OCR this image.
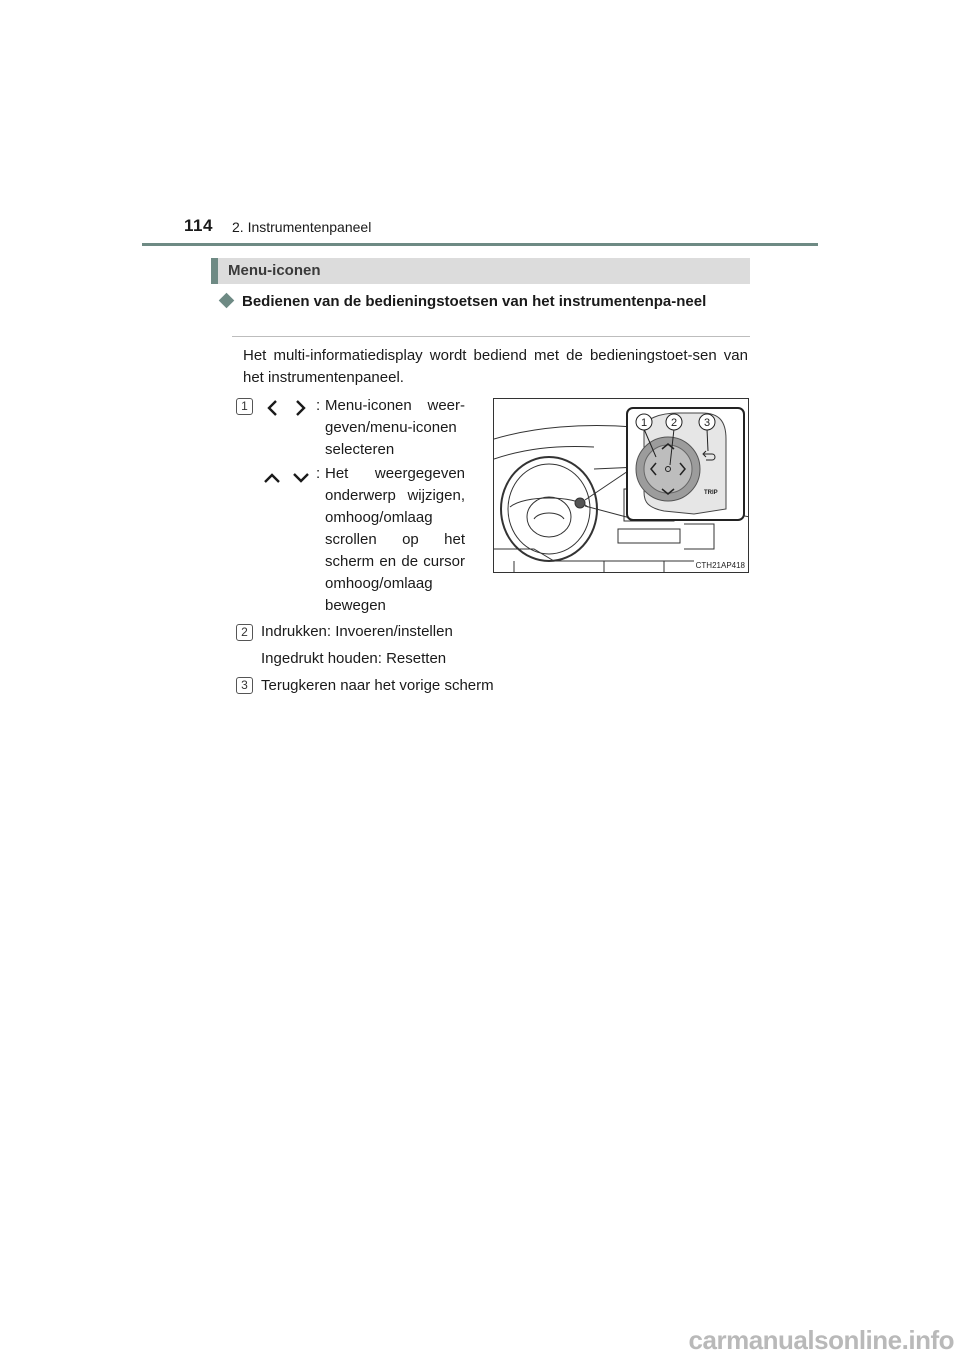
114 2. Instrumentenpaneel
Menu-iconen
Bedienen van de bedieningstoetsen van het instrumentenpa-neel
Het multi-informatiedisplay wordt bediend met de bedieningstoet-sen van het instrumentenpaneel.
1	: Menu-iconen weer-geven/menu-iconen selecteren
: Het weergegeven onderwerp wijzigen, omhoog/omlaag scrollen op het scherm en de cursor omhoog/omlaag bewegen
TRIP
1 2 3
CTH21AP418
2 Indrukken: Invoeren/instellen
Ingedrukt houden: Resetten
3 Terugkeren naar het vorige scherm
carmanualsonline.info
